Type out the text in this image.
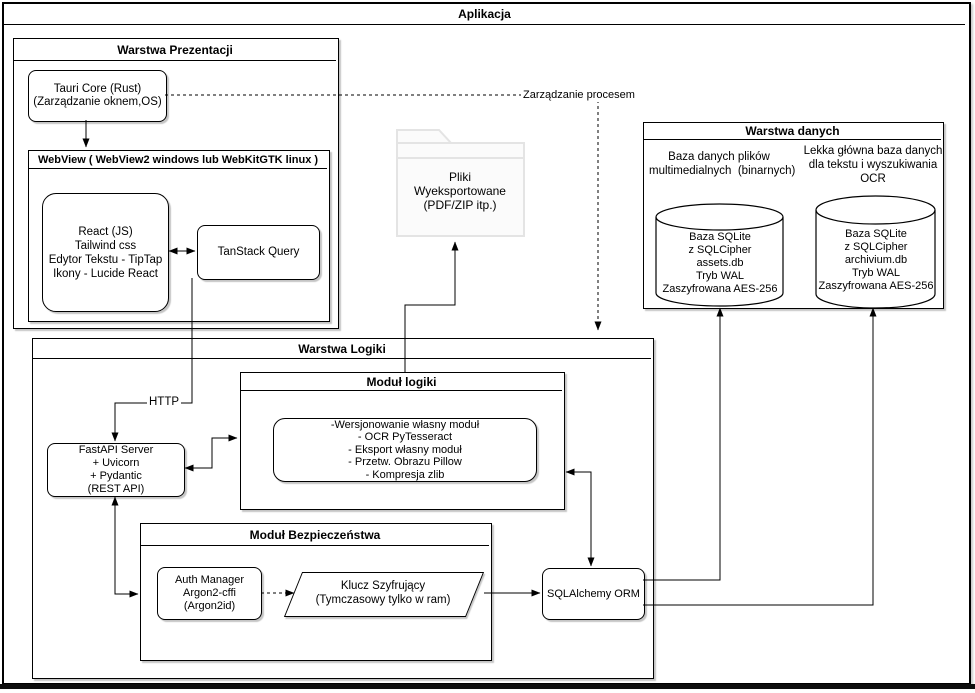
Aplikacja
Warstwa Prezentacji
Tauri Core (Rust)
(Zarządzanie oknem,OS)
WebView ( WebView2 windows lub WebKitGTK linux )
React (JS)
Tailwind css
Edytor Tekstu - TipTap
Ikony - Lucide React
TanStack Query
Pliki
Wyeksportowane
(PDF/ZIP itp.)
Warstwa danych
Baza danych plików
multimedialnych  (binarnych)
Lekka główna baza danych
dla tekstu i wyszukiwania
OCR
Baza SQLite
z SQLCipher
assets.db
Tryb WAL
Zaszyfrowana AES-256
Baza SQLite
z SQLCipher
archivium.db
Tryb WAL
Zaszyfrowana AES-256
Warstwa Logiki
Moduł logiki
-Wersjonowanie własny moduł
- OCR PyTesseract
- Eksport własny moduł
- Przetw. Obrazu Pillow
- Kompresja zlib
FastAPI Server
+ Uvicorn
+ Pydantic
(REST API)
Moduł Bezpieczeństwa
Auth Manager
Argon2-cffi
(Argon2id)
Klucz Szyfrujący
(Tymczasowy tylko w ram)
SQLAlchemy ORM
HTTP
Zarządzanie procesem
